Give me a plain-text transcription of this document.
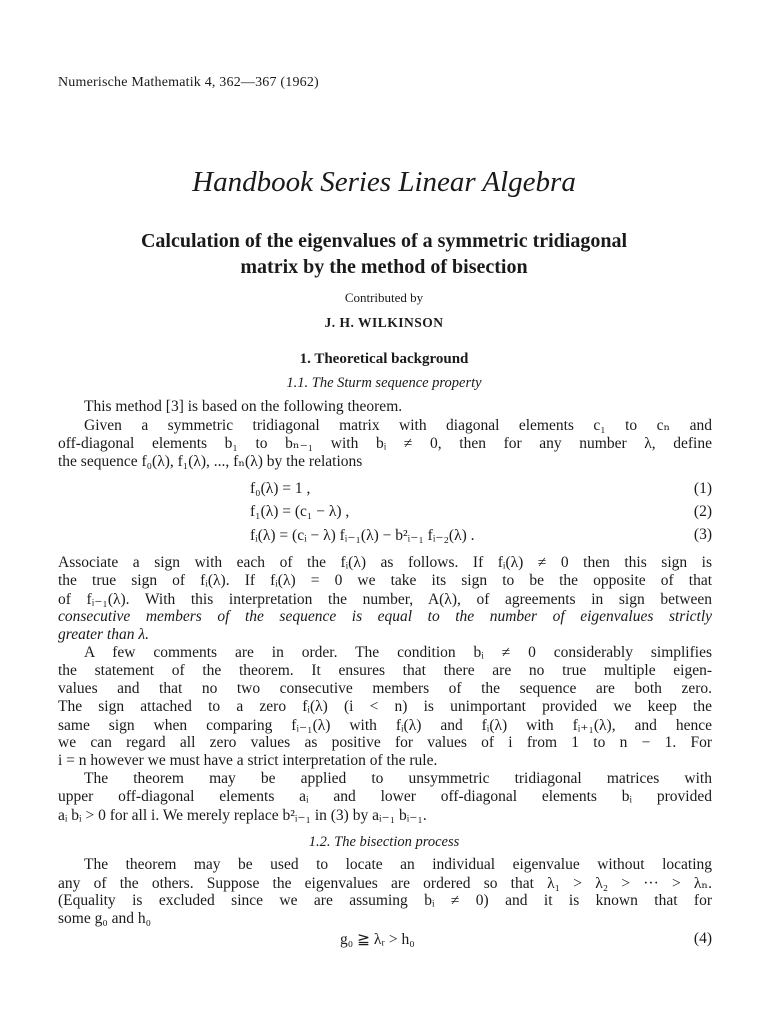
Numerische Mathematik 4, 362—367 (1962)
Handbook Series Linear Algebra
Calculation of the eigenvalues of a symmetric tridiagonal
matrix by the method of bisection
Contributed by
J. H. WILKINSON
1. Theoretical background
1.1. The Sturm sequence property
This method [3] is based on the following theorem.
Given a symmetric tridiagonal matrix with diagonal elements c₁ to cₙ and
off-diagonal elements b₁ to bₙ₋₁ with bᵢ ≠ 0, then for any number λ, define
the sequence f₀(λ), f₁(λ), ..., fₙ(λ) by the relations
f₀(λ) = 1 ,	(1)
f₁(λ) = (c₁ − λ) ,	(2)
fᵢ(λ) = (cᵢ − λ) fᵢ₋₁(λ) − b²ᵢ₋₁ fᵢ₋₂(λ) .	(3)
Associate a sign with each of the fᵢ(λ) as follows. If fᵢ(λ) ≠ 0 then this sign is
the true sign of fᵢ(λ). If fᵢ(λ) = 0 we take its sign to be the opposite of that
of fᵢ₋₁(λ). With this interpretation the number, A(λ), of agreements in sign between
consecutive members of the sequence is equal to the number of eigenvalues strictly
greater than λ.
A few comments are in order. The condition bᵢ ≠ 0 considerably simplifies
the statement of the theorem. It ensures that there are no true multiple eigen-
values and that no two consecutive members of the sequence are both zero.
The sign attached to a zero fᵢ(λ) (i < n) is unimportant provided we keep the
same sign when comparing fᵢ₋₁(λ) with fᵢ(λ) and fᵢ(λ) with fᵢ₊₁(λ), and hence
we can regard all zero values as positive for values of i from 1 to n − 1. For
i = n however we must have a strict interpretation of the rule.
The theorem may be applied to unsymmetric tridiagonal matrices with
upper off-diagonal elements aᵢ and lower off-diagonal elements bᵢ provided
aᵢ bᵢ > 0 for all i. We merely replace b²ᵢ₋₁ in (3) by aᵢ₋₁ bᵢ₋₁.
1.2. The bisection process
The theorem may be used to locate an individual eigenvalue without locating
any of the others. Suppose the eigenvalues are ordered so that λ₁ > λ₂ > ··· > λₙ.
(Equality is excluded since we are assuming bᵢ ≠ 0) and it is known that for
some g₀ and h₀
g₀ ≧ λᵣ > h₀	(4)
